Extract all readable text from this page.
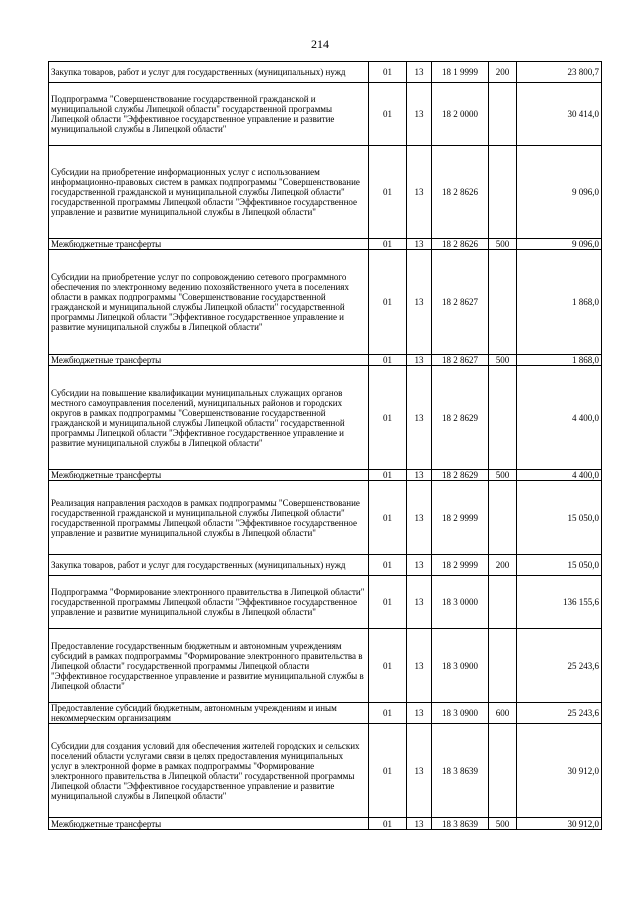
214
Закупка товаров, работ и услуг для государственных (муниципальных) нужд	01	13	18 1 9999	200	23 800,7
Подпрограмма "Совершенствование государственной гражданской и муниципальной службы Липецкой области" государственной программы Липецкой области "Эффективное государственное управление и развитие муниципальной службы в Липецкой области"	01	13	18 2 0000		30 414,0
Субсидии на приобретение информационных услуг с использованием информационно-правовых систем в рамках подпрограммы "Совершенствование государственной гражданской и муниципальной службы Липецкой области" государственной программы Липецкой области "Эффективное государственное управление и развитие муниципальной службы в Липецкой области"	01	13	18 2 8626		9 096,0
Межбюджетные трансферты	01	13	18 2 8626	500	9 096,0
Субсидии на приобретение услуг по сопровождению сетевого программного обеспечения по электронному ведению похозяйственного учета в поселениях области в рамках подпрограммы "Совершенствование государственной гражданской и муниципальной службы Липецкой области" государственной программы Липецкой области "Эффективное государственное управление и развитие муниципальной службы в Липецкой области"	01	13	18 2 8627		1 868,0
Межбюджетные трансферты	01	13	18 2 8627	500	1 868,0
Субсидии на повышение квалификации муниципальных служащих органов местного самоуправления поселений, муниципальных районов и городских округов в рамках подпрограммы "Совершенствование государственной гражданской и муниципальной службы Липецкой области" государственной программы Липецкой области "Эффективное государственное управление и развитие муниципальной службы в Липецкой области"	01	13	18 2 8629		4 400,0
Межбюджетные трансферты	01	13	18 2 8629	500	4 400,0
Реализация направления расходов в рамках подпрограммы "Совершенствование государственной гражданской и муниципальной службы Липецкой области" государственной программы Липецкой области "Эффективное государственное управление и развитие муниципальной службы в Липецкой области"	01	13	18 2 9999		15 050,0
Закупка товаров, работ и услуг для государственных (муниципальных) нужд	01	13	18 2 9999	200	15 050,0
Подпрограмма "Формирование электронного правительства в Липецкой области" государственной программы Липецкой области "Эффективное государственное управление и развитие муниципальной службы в Липецкой области"	01	13	18 3 0000		136 155,6
Предоставление государственным бюджетным и автономным учреждениям субсидий в рамках подпрограммы "Формирование электронного правительства в Липецкой области" государственной программы Липецкой области "Эффективное государственное управление и развитие муниципальной службы в Липецкой области"	01	13	18 3 0900		25 243,6
Предоставление субсидий бюджетным, автономным учреждениям и иным некоммерческим организациям	01	13	18 3 0900	600	25 243,6
Субсидии для создания условий для обеспечения жителей городских и сельских поселений области услугами связи в целях предоставления муниципальных услуг в электронной форме в рамках подпрограммы "Формирование электронного правительства в Липецкой области" государственной программы Липецкой области "Эффективное государственное управление и развитие муниципальной службы в Липецкой области"	01	13	18 3 8639		30 912,0
Межбюджетные трансферты	01	13	18 3 8639	500	30 912,0
